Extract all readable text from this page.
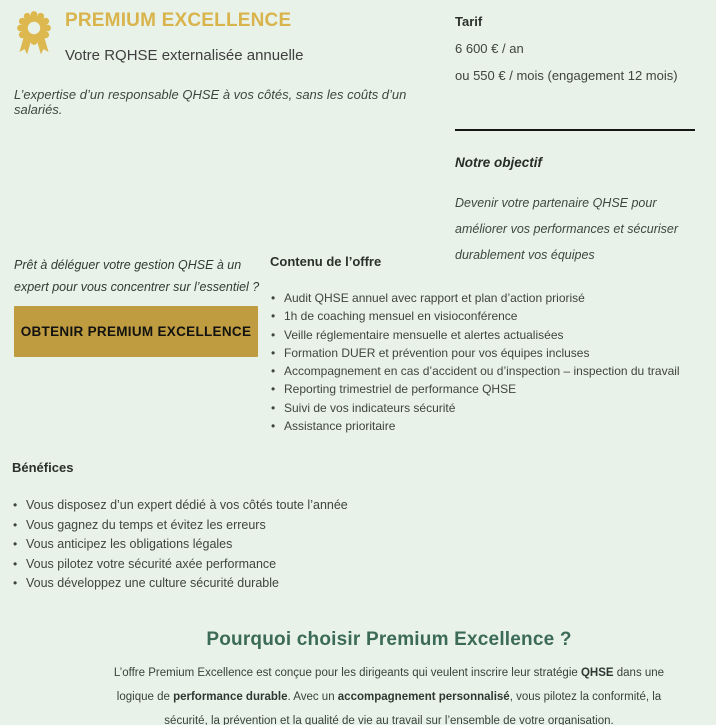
PREMIUM EXCELLENCE
Votre RQHSE externalisée annuelle

L’expertise d’un responsable QHSE à vos côtés, sans les coûts d’un salariés.

Tarif

6 600 € / an

ou 550 € / mois (engagement 12 mois)

Notre objectif

Devenir votre partenaire QHSE pour améliorer vos performances et sécuriser durablement vos équipes

Prêt à déléguer votre gestion QHSE à un expert pour vous concentrer sur l’essentiel ?

OBTENIR PREMIUM EXCELLENCE
Contenu de l’offre
• Audit QHSE annuel avec rapport et plan d’action priorisé
• 1h de coaching mensuel en visioconférence
• Veille réglementaire mensuelle et alertes actualisées
• Formation DUER et prévention pour vos équipes incluses
• Accompagnement en cas d’accident ou d’inspection – inspection du travail
• Reporting trimestriel de performance QHSE
• Suivi de vos indicateurs sécurité
• Assistance prioritaire
Bénéfices
• Vous disposez d’un expert dédié à vos côtés toute l’année
• Vous gagnez du temps et évitez les erreurs
• Vous anticipez les obligations légales
• Vous pilotez votre sécurité axée performance
• Vous développez une culture sécurité durable
Pourquoi choisir Premium Excellence ?
L’offre Premium Excellence est conçue pour les dirigeants qui veulent inscrire leur stratégie QHSE dans une
logique de performance durable. Avec un accompagnement personnalisé, vous pilotez la conformité, la
sécurité, la prévention et la qualité de vie au travail sur l’ensemble de votre organisation.
